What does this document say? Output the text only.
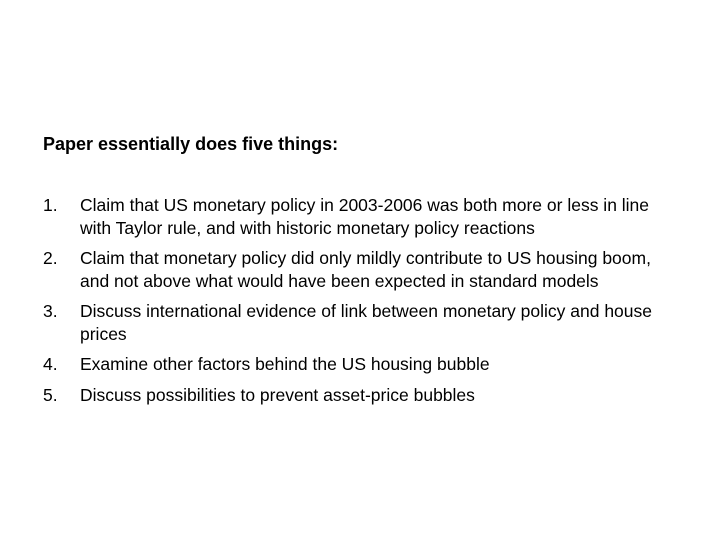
Paper essentially does five things:
1. Claim that US monetary policy in 2003-2006 was both more or less in line with Taylor rule, and with historic monetary policy reactions
2. Claim that monetary policy did only mildly contribute to US housing boom, and not above what would have been expected in standard models
3. Discuss international evidence of link between monetary policy and house prices
4. Examine other factors behind the US housing bubble
5. Discuss possibilities to prevent asset-price bubbles
